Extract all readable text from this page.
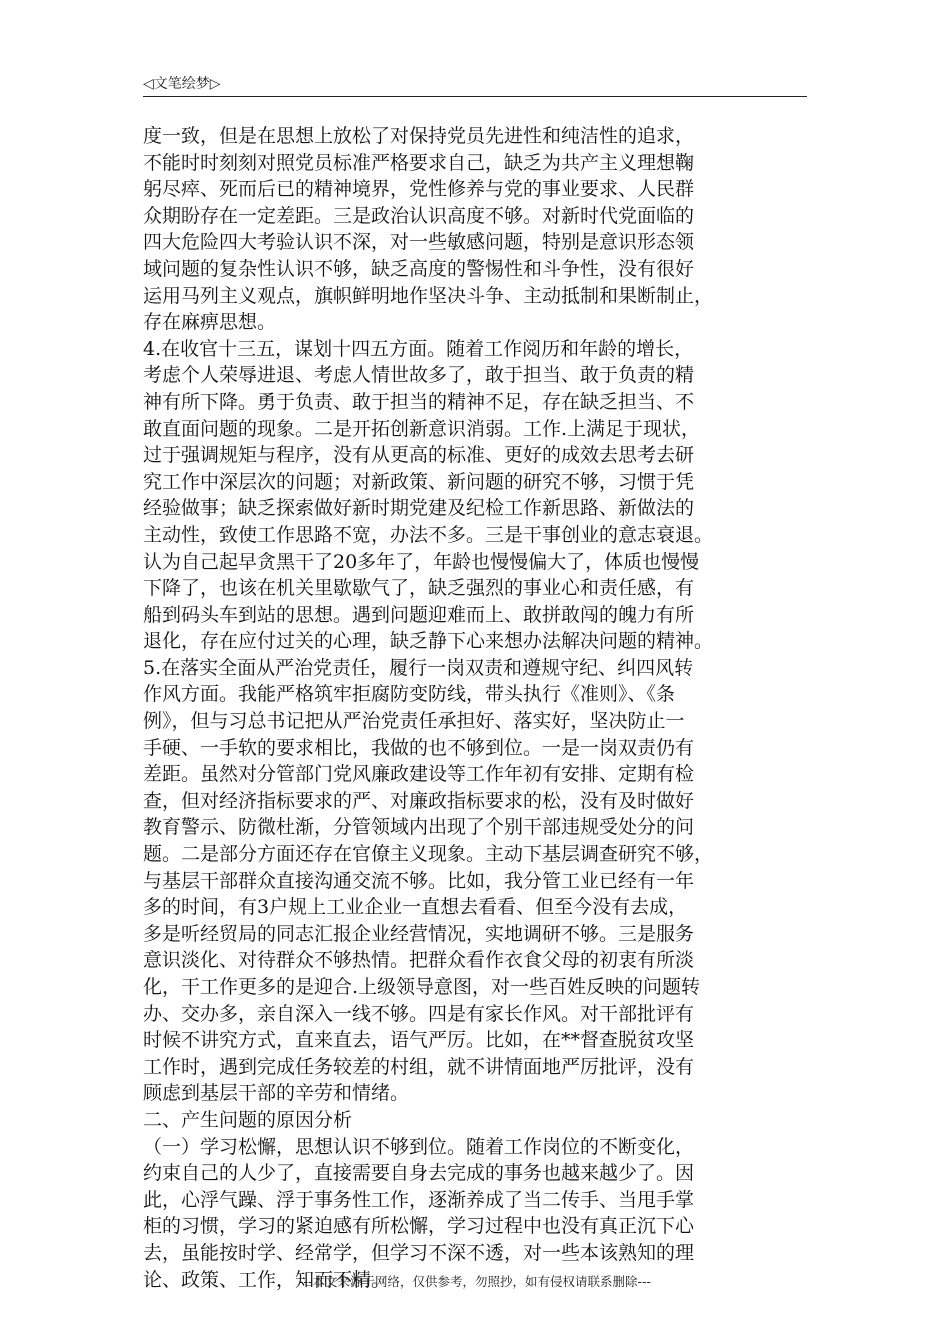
◁文笔绘梦▷
度一致，但是在思想上放松了对保持党员先进性和纯洁性的追求，
不能时时刻刻对照党员标准严格要求自己，缺乏为共产主义理想鞠
躬尽瘁、死而后已的精神境界，党性修养与党的事业要求、人民群
众期盼存在一定差距。三是政治认识高度不够。对新时代党面临的
四大危险四大考验认识不深，对一些敏感问题，特别是意识形态领
域问题的复杂性认识不够，缺乏高度的警惕性和斗争性，没有很好
运用马列主义观点，旗帜鲜明地作坚决斗争、主动抵制和果断制止，
存在麻痹思想。
4.在收官十三五，谋划十四五方面。随着工作阅历和年龄的增长，
考虑个人荣辱进退、考虑人情世故多了，敢于担当、敢于负责的精
神有所下降。勇于负责、敢于担当的精神不足，存在缺乏担当、不
敢直面问题的现象。二是开拓创新意识消弱。工作.上满足于现状，
过于强调规矩与程序，没有从更高的标准、更好的成效去思考去研
究工作中深层次的问题；对新政策、新问题的研究不够，习惯于凭
经验做事；缺乏探索做好新时期党建及纪检工作新思路、新做法的
主动性，致使工作思路不宽，办法不多。三是干事创业的意志衰退。
认为自己起早贪黑干了20多年了，年龄也慢慢偏大了，体质也慢慢
下降了，也该在机关里歇歇气了，缺乏强烈的事业心和责任感，有
船到码头车到站的思想。遇到问题迎难而上、敢拼敢闯的魄力有所
退化，存在应付过关的心理，缺乏静下心来想办法解决问题的精神。
5.在落实全面从严治党责任，履行一岗双责和遵规守纪、纠四风转
作风方面。我能严格筑牢拒腐防变防线，带头执行《准则》、《条
例》，但与习总书记把从严治党责任承担好、落实好，坚决防止一
手硬、一手软的要求相比，我做的也不够到位。一是一岗双责仍有
差距。虽然对分管部门党风廉政建设等工作年初有安排、定期有检
查，但对经济指标要求的严、对廉政指标要求的松，没有及时做好
教育警示、防微杜渐，分管领域内出现了个别干部违规受处分的问
题。二是部分方面还存在官僚主义现象。主动下基层调查研究不够，
与基层干部群众直接沟通交流不够。比如，我分管工业已经有一年
多的时间，有3户规上工业企业一直想去看看、但至今没有去成，
多是听经贸局的同志汇报企业经营情况，实地调研不够。三是服务
意识淡化、对待群众不够热情。把群众看作衣食父母的初衷有所淡
化，干工作更多的是迎合.上级领导意图，对一些百姓反映的问题转
办、交办多，亲自深入一线不够。四是有家长作风。对干部批评有
时候不讲究方式，直来直去，语气严厉。比如，在**督查脱贫攻坚
工作时，遇到完成任务较差的村组，就不讲情面地严厉批评，没有
顾虑到基层干部的辛劳和情绪。
二、产生问题的原因分析
（一）学习松懈，思想认识不够到位。随着工作岗位的不断变化，
约束自己的人少了，直接需要自身去完成的事务也越来越少了。因
此，心浮气躁、浮于事务性工作，逐渐养成了当二传手、当甩手掌
柜的习惯，学习的紧迫感有所松懈，学习过程中也没有真正沉下心
去，虽能按时学、经常学，但学习不深不透，对一些本该熟知的理
论、政策、工作，知而不精。
---本文来源于网络，仅供参考，勿照抄，如有侵权请联系删除---
